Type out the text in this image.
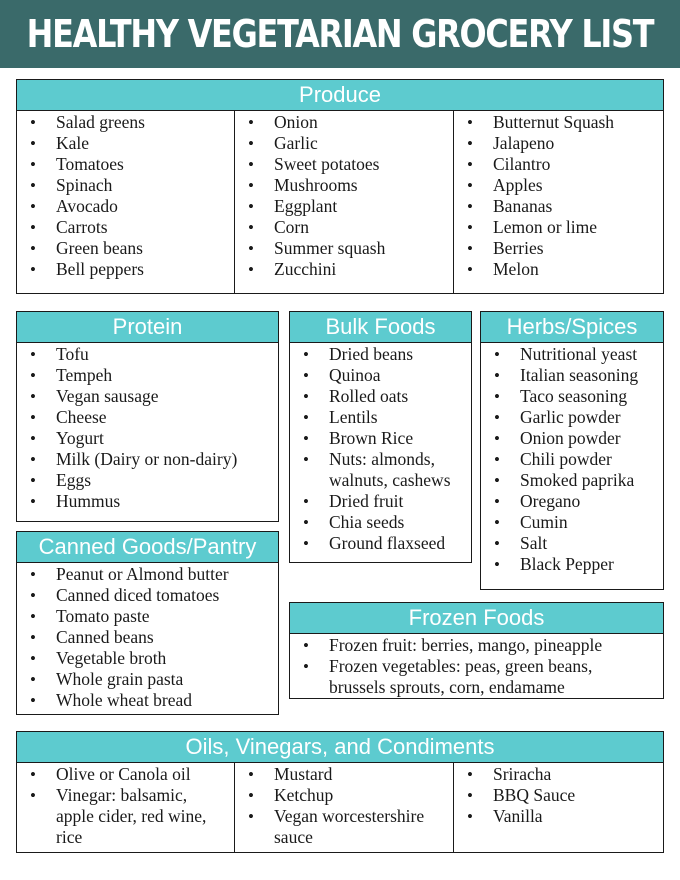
HEALTHY VEGETARIAN GROCERY LIST
Produce
• Salad greens
• Kale
• Tomatoes
• Spinach
• Avocado
• Carrots
• Green beans
• Bell peppers
• Onion
• Garlic
• Sweet potatoes
• Mushrooms
• Eggplant
• Corn
• Summer squash
• Zucchini
• Butternut Squash
• Jalapeno
• Cilantro
• Apples
• Bananas
• Lemon or lime
• Berries
• Melon
Protein
• Tofu
• Tempeh
• Vegan sausage
• Cheese
• Yogurt
• Milk (Dairy or non-dairy)
• Eggs
• Hummus
Bulk Foods
• Dried beans
• Quinoa
• Rolled oats
• Lentils
• Brown Rice
• Nuts: almonds,
walnuts, cashews
• Dried fruit
• Chia seeds
• Ground flaxseed
Herbs/Spices
• Nutritional yeast
• Italian seasoning
• Taco seasoning
• Garlic powder
• Onion powder
• Chili powder
• Smoked paprika
• Oregano
• Cumin
• Salt
• Black Pepper
Canned Goods/Pantry
• Peanut or Almond butter
• Canned diced tomatoes
• Tomato paste
• Canned beans
• Vegetable broth
• Whole grain pasta
• Whole wheat bread
Frozen Foods
• Frozen fruit: berries, mango, pineapple
• Frozen vegetables: peas, green beans,
brussels sprouts, corn, endamame
Oils, Vinegars, and Condiments
• Olive or Canola oil
• Vinegar: balsamic,
apple cider, red wine,
rice
• Mustard
• Ketchup
• Vegan worcestershire
sauce
• Sriracha
• BBQ Sauce
• Vanilla
